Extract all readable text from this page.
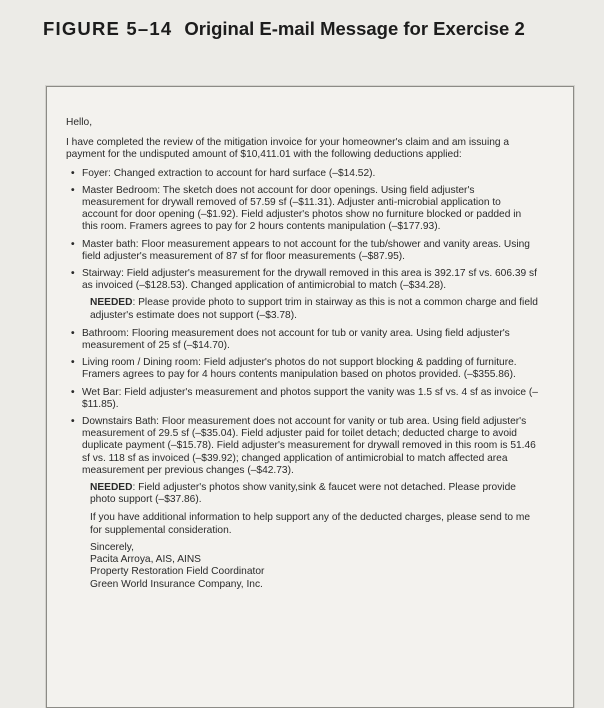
FIGURE 5–14 Original E-mail Message for Exercise 2

Hello,

I have completed the review of the mitigation invoice for your homeowner's claim and am issuing a payment for the undisputed amount of $10,411.01 with the following deductions applied:

• Foyer: Changed extraction to account for hard surface (–$14.52).
• Master Bedroom: The sketch does not account for door openings. Using field adjuster's measurement for drywall removed of 57.59 sf (–$11.31). Adjuster anti-microbial application to account for door opening (–$1.92). Field adjuster's photos show no furniture blocked or padded in this room. Framers agrees to pay for 2 hours contents manipulation (–$177.93).
• Master bath: Floor measurement appears to not account for the tub/shower and vanity areas. Using field adjuster's measurement of 87 sf for floor measurements (–$87.95).
• Stairway: Field adjuster's measurement for the drywall removed in this area is 392.17 sf vs. 606.39 sf as invoiced (–$128.53). Changed application of antimicrobial to match (–$34.28).

NEEDED: Please provide photo to support trim in stairway as this is not a common charge and field adjuster's estimate does not support (–$3.78).

• Bathroom: Flooring measurement does not account for tub or vanity area. Using field adjuster's measurement of 25 sf (–$14.70).
• Living room / Dining room: Field adjuster's photos do not support blocking & padding of furniture. Framers agrees to pay for 4 hours contents manipulation based on photos provided. (–$355.86).
• Wet Bar: Field adjuster's measurement and photos support the vanity was 1.5 sf vs. 4 sf as invoice (–$11.85).
• Downstairs Bath: Floor measurement does not account for vanity or tub area. Using field adjuster's measurement of 29.5 sf (–$35.04). Field adjuster paid for toilet detach; deducted charge to avoid duplicate payment (–$15.78). Field adjuster's measurement for drywall removed in this room is 51.46 sf vs. 118 sf as invoiced (–$39.92); changed application of antimicrobial to match affected area measurement per previous changes (–$42.73).

NEEDED: Field adjuster's photos show vanity,sink & faucet were not detached. Please provide photo support (–$37.86).

If you have additional information to help support any of the deducted charges, please send to me for supplemental consideration.

Sincerely,

Pacita Arroya, AIS, AINS

Property Restoration Field Coordinator

Green World Insurance Company, Inc.
